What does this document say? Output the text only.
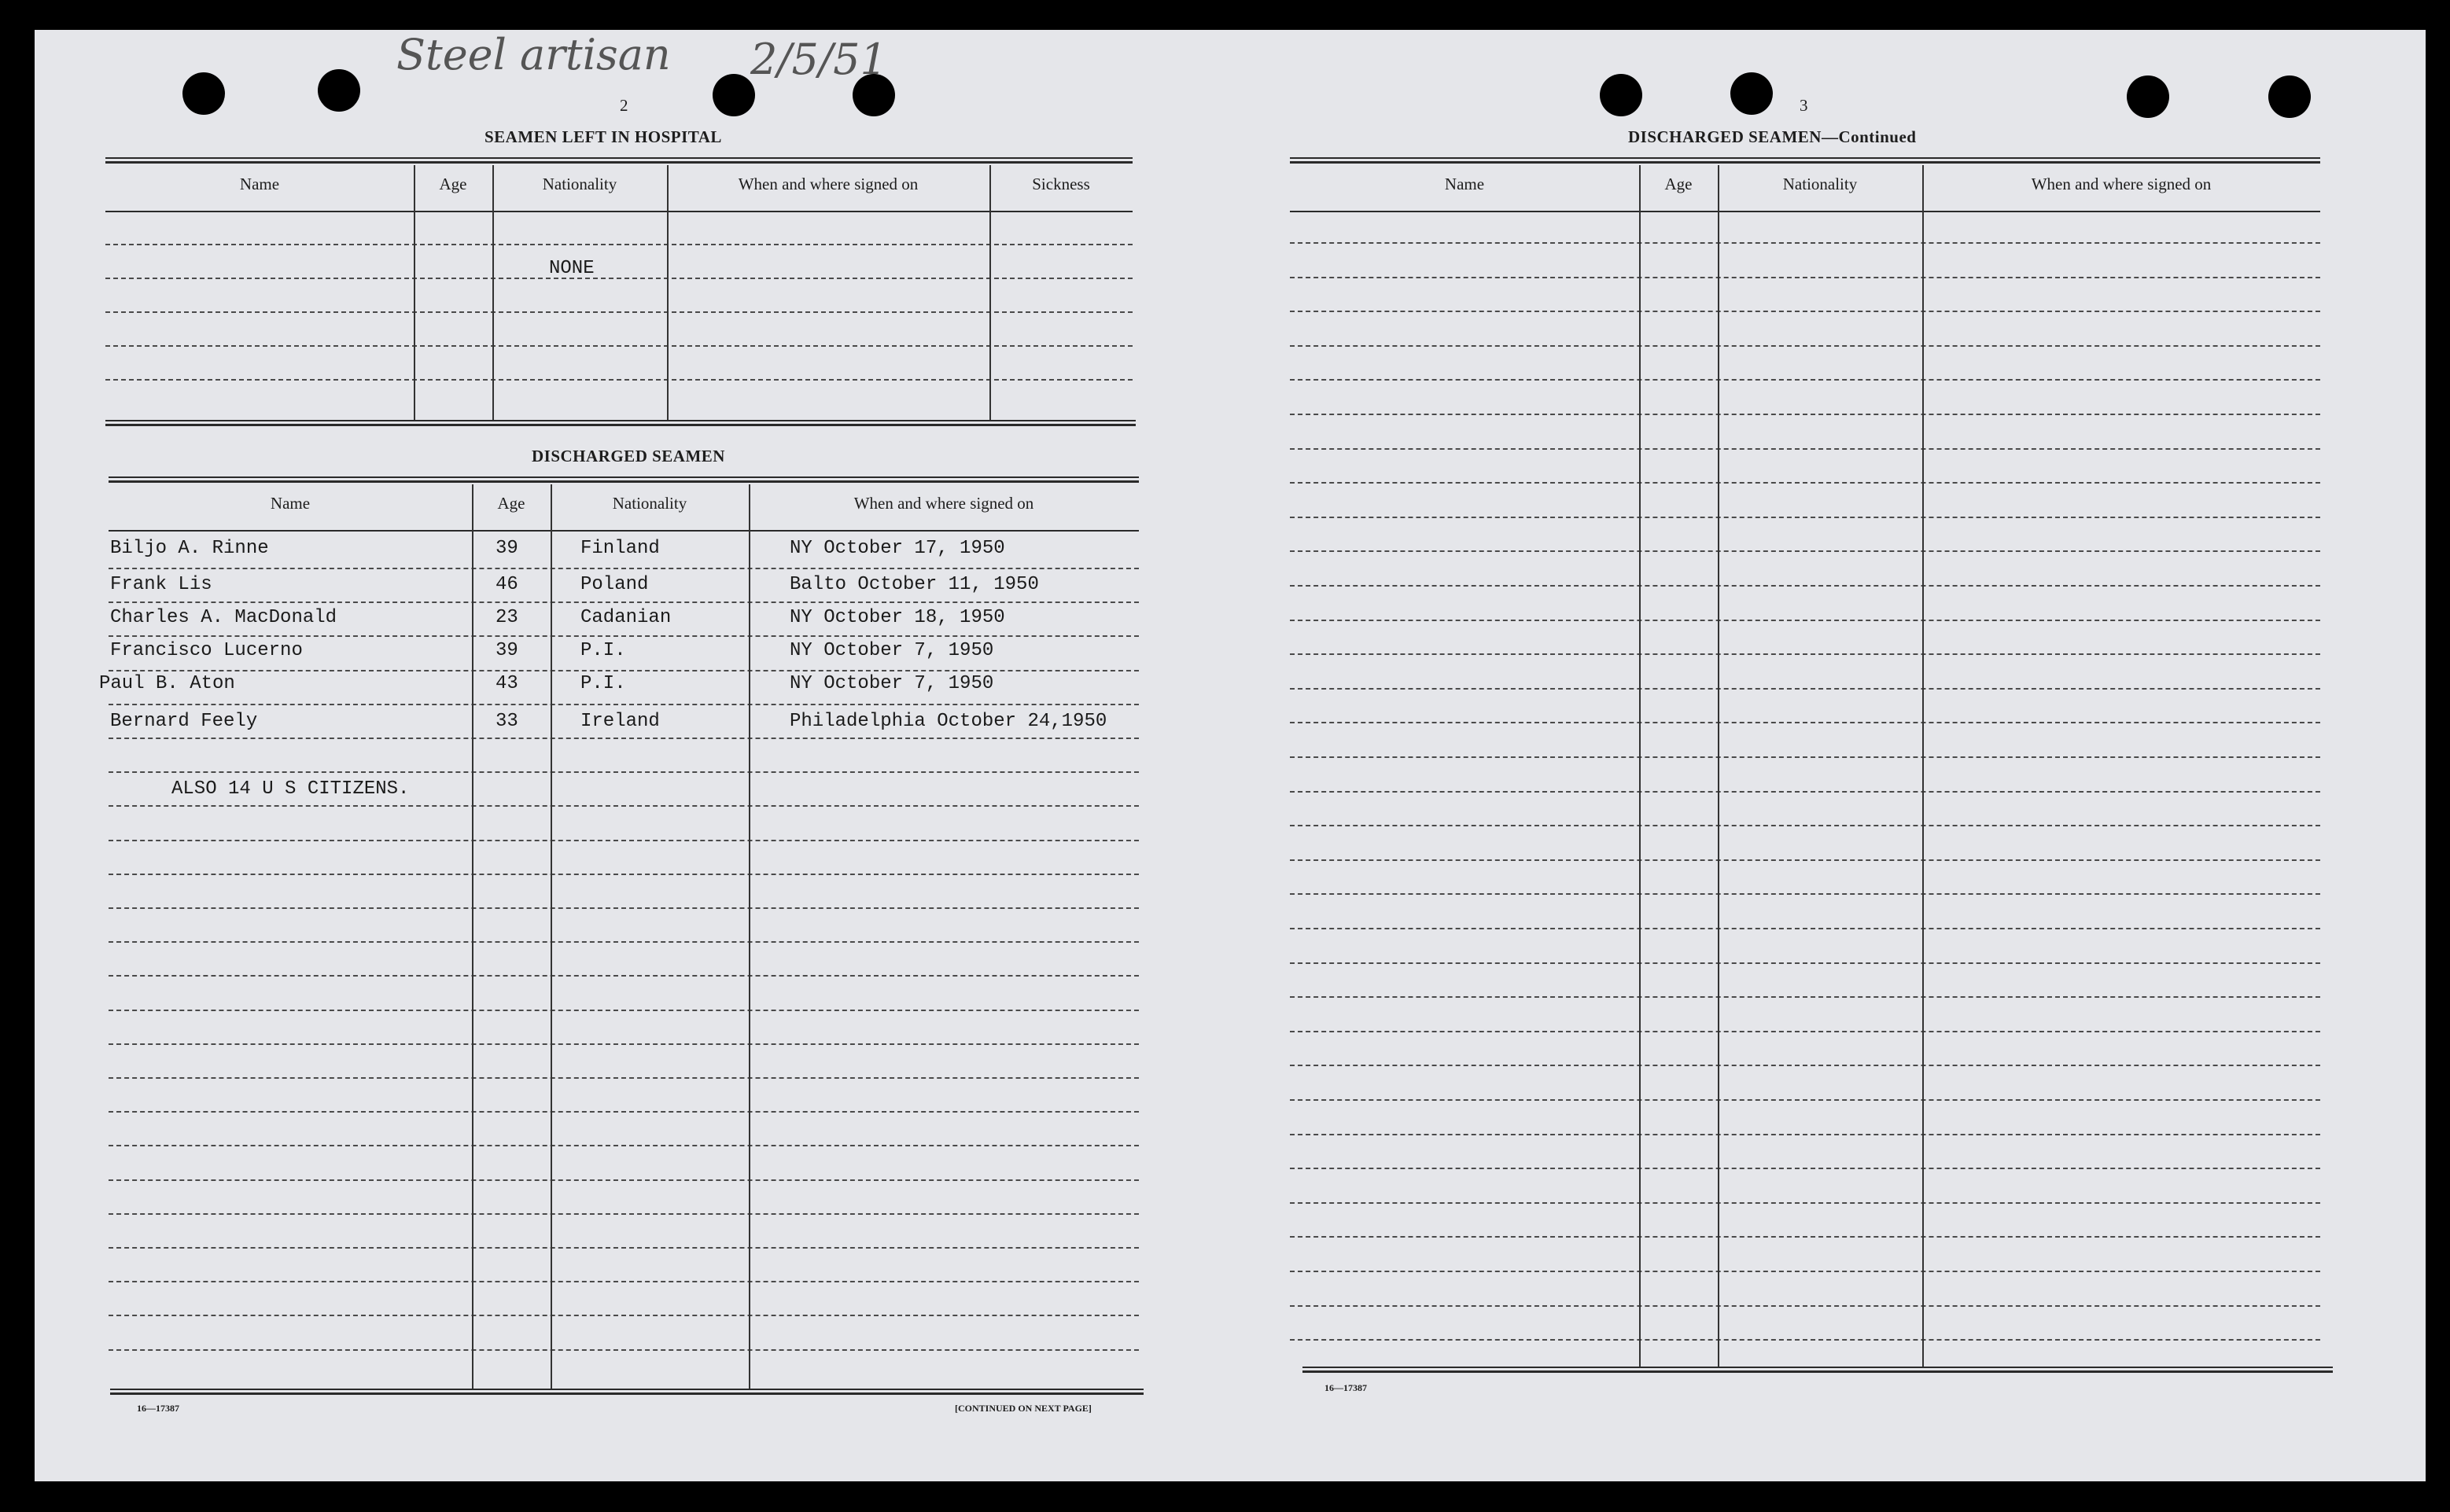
Steel artisan 2/5/51
2
SEAMEN LEFT IN HOSPITAL
Name	Age	Nationality	When and where signed on	Sickness
NONE
DISCHARGED SEAMEN
Name	Age	Nationality	When and where signed on
Biljo A. Rinne	39	Finland	NY October 17, 1950
Frank Lis	46	Poland	Balto October 11, 1950
Charles A. MacDonald	23	Cadanian	NY October 18, 1950
Francisco Lucerno	39	P.I.	NY October 7, 1950
Paul B. Aton	43	P.I.	NY October 7, 1950
Bernard Feely	33	Ireland	Philadelphia October 24,1950
ALSO 14 U S CITIZENS.
16—17387	[CONTINUED ON NEXT PAGE]
3
DISCHARGED SEAMEN—Continued
Name	Age	Nationality	When and where signed on
16—17387
